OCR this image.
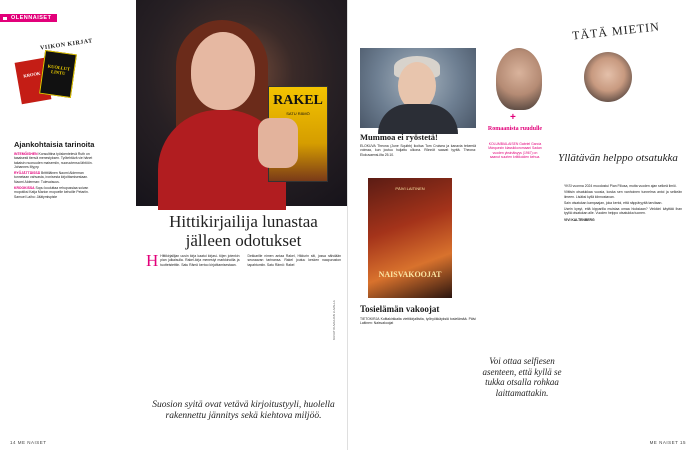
OLENNAISET
VIIKON KIRJAT
KROOK
KUOLLUT LINTU
Ajankohtaisia tarinoita

INTEMÖISHEN Konsulttina työskentelevä Ruth on tasaisesti tienvä menestyksen. Työtehtävä vie hänet takaisin nuoruuden maisemiin, nuoruutensa lähtöön. Johannes Myyry.

RYÖJÄTTÄISSÄ Britttiläinen Naomi Alderman tunnetaan vahvasta, ironisesta kirjoittamisestaan. Naomi Alderman: Tulevaisuus.

KROOKISSA Sopu kouluttaa rehupussiaa soivan mopotiksi Katja Marion mopoelle kehoille Petariin. Samuel Laiho: Jäätymispiste

RAKEL
SATU RÄMÖ
Hittikirjailija lunastaa jälleen odotukset
H Hittikirjailijan uusin kirja kaatui kirjasi- töjen jotenkin pian julkaisulla. Rakel-kirja menestyi markkinoilla ja tuotteistettiin. Satu Rämö kertoo kirjoittamisestaan.
Dekkarille nimen antaa Rakel, Hildurin siti, jossa nähdään seuraavan tarinansa. Rakel joutuu kesken naapuruston tapahtumiin. Satu Rämö: Rakel
Suosion syitä ovat vetävä kirjoitustyyli, huolella rakennettu jännitys sekä kiehtova miljöö.
KUVAT KUVAAJAN LUVALLA
14 ME NAISET
Mummoa ei ryöstetä!
ELOKUVA Theona (June Squibb) ikoitua Tom Cruisea ja kanavia tekemiä voimaa, kun joutuu huijattu ulkona. Rönnöt saavat tyyttä. Theona: Elokuvaensi-ilta 25.10.
PÄIVI LAITINEN
NAISVAKOOJAT
Tosielämän vakoojat
TIETOKIRJA Kolttakirkkaita viettikirjallistia, työhyökkäyksiä tosielämää. Päivi Laitinen: Naisvakoojat
+
Romaanista ruudulle
KOLUMBIALAISEN Gabriel García Márquezin klassikkoromaani Sadan vuoden yksinäisyys (1967) on saanut suurien kriitikoiden kehua.
Voi ottaa selfiesen asenteen, että kyllä se tukka otsalla rohkaa laittamattakin.
TÄTÄ MIETIN
Yllätävän helppo otsatukka

YKSI vuonna 2024 muodostui Pian Filiusa, mutta vuoden ajan selkeä ilmiö.

Viittisin otsatukkaa vuosia, koska sen vanhoinen tunnelma antoi ja selkeän ilmeen. Lisäksi kyllä kiinnostavan.

Sain otsatukan kampaajan, joka kertoi, että näppäryyttä tarvitaan.

Usein kysyt, että kipparilla muistaa omaa hiuksiaan? Vinkkini käyttää ihan tyyliä otsatukan alle. Vuoden helppo otsatukka tuonen.

VIVI KALTENBERG

ME NAISET 15
